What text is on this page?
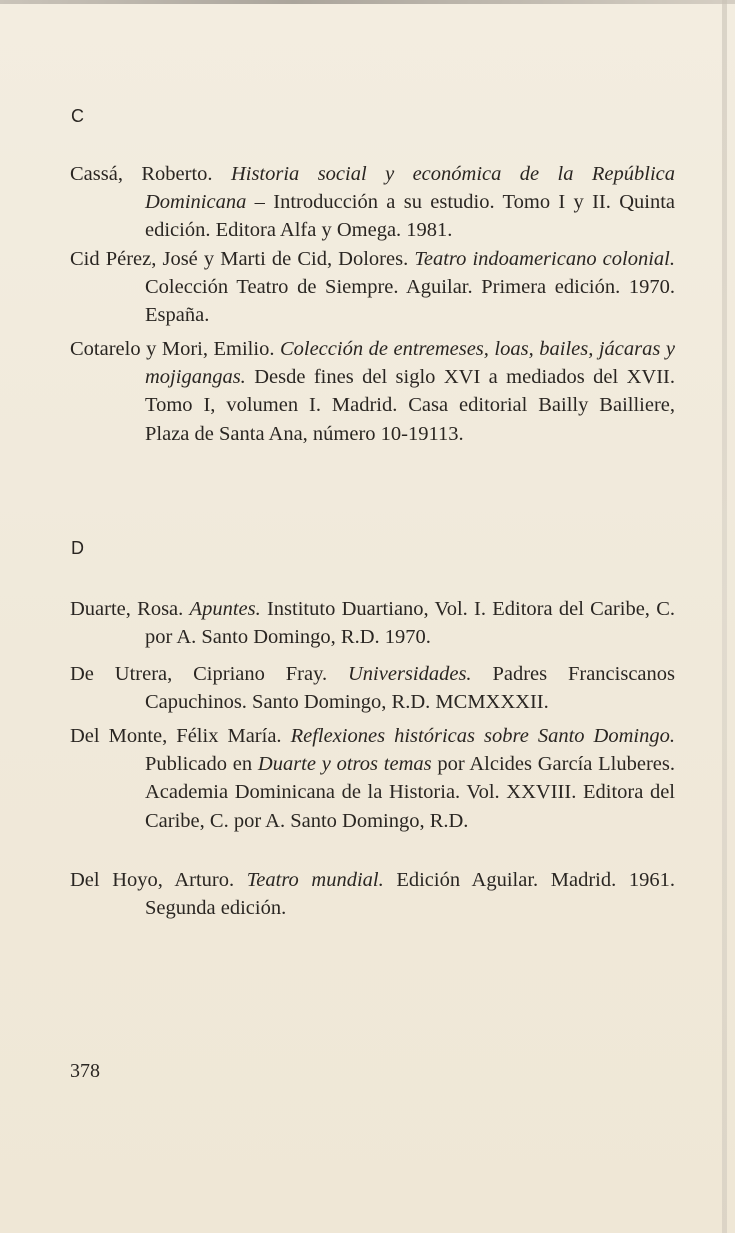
C
Cassá, Roberto. Historia social y económica de la República Dominicana – Introducción a su estudio. Tomo I y II. Quinta edición. Editora Alfa y Omega. 1981.
Cid Pérez, José y Marti de Cid, Dolores. Teatro indoamericano colonial. Colección Teatro de Siempre. Aguilar. Primera edición. 1970. España.
Cotarelo y Mori, Emilio. Colección de entremeses, loas, bailes, jácaras y mojigangas. Desde fines del siglo XVI a mediados del XVII. Tomo I, volumen I. Madrid. Casa editorial Bailly Bailliere, Plaza de Santa Ana, número 10-19113.
D
Duarte, Rosa. Apuntes. Instituto Duartiano, Vol. I. Editora del Caribe, C. por A. Santo Domingo, R.D. 1970.
De Utrera, Cipriano Fray. Universidades. Padres Franciscanos Capuchinos. Santo Domingo, R.D. MCMXXXII.
Del Monte, Félix María. Reflexiones históricas sobre Santo Domingo. Publicado en Duarte y otros temas por Alcides García Lluberes. Academia Dominicana de la Historia. Vol. XXVIII. Editora del Caribe, C. por A. Santo Domingo, R.D.
Del Hoyo, Arturo. Teatro mundial. Edición Aguilar. Madrid. 1961. Segunda edición.
378
